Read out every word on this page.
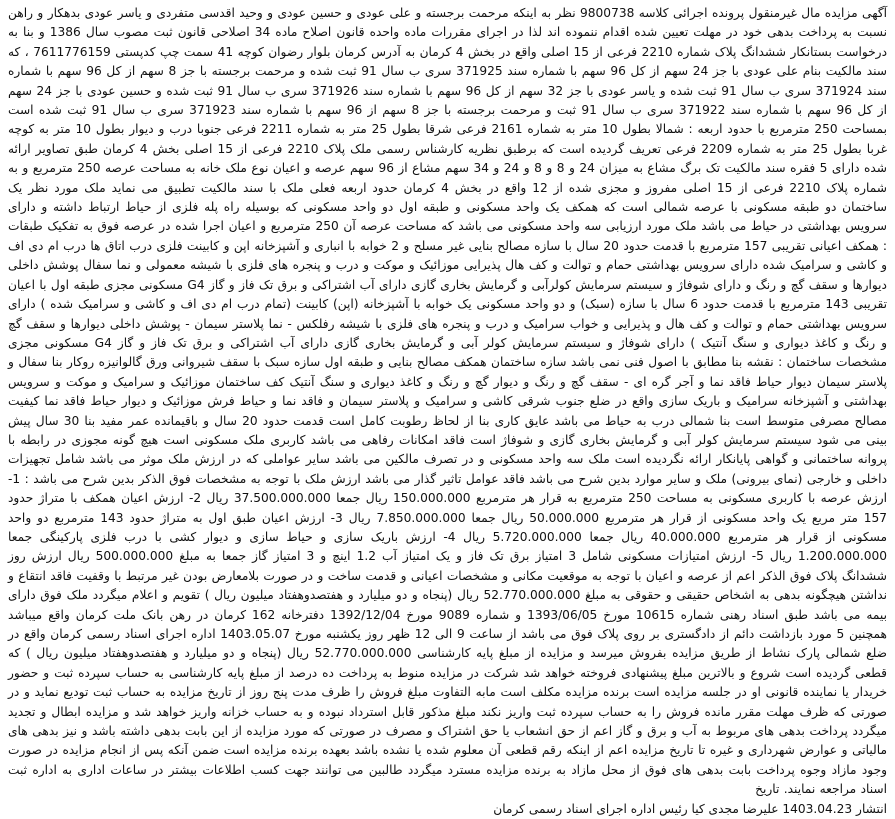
آگهی مزایده مال غیرمنقول پرونده اجرائی کلاسه 9800738 نظر به اینکه مرحمت برجسته و علی عودی و حسین عودی و وحید اقدسی متفردی و یاسر عودی بدهکار و راهن نسبت به پرداخت بدهی خود در مهلت تعیین شده اقدام ننموده اند لذا در اجرای مقررات ماده واحده قانون اصلاح ماده 34 اصلاحی قانون ثبت مصوب سال 1386 و بنا به درخواست بستانکار ششدانگ پلاک شماره 2210 فرعی از 15 اصلی واقع در بخش 4 کرمان به آدرس کرمان بلوار رضوان کوچه 41 سمت چپ کدپستی 7611776159 ، که سند مالکیت بنام علی عودی با جز 24 سهم از کل 96 سهم با شماره سند 371925 سری ب سال 91 ثبت شده و مرحمت برجسته با جز 8 سهم از کل 96 سهم با شماره سند 371924 سری ب سال 91 ثبت شده و یاسر عودی با جز 32 سهم از کل 96 سهم با شماره سند 371926 سری ب سال 91 ثبت شده و حسین عودی با جز 24 سهم از کل 96 سهم با شماره سند 371922 سری ب سال 91 ثبت و مرحمت برجسته با جز 8 سهم از 96 سهم با شماره سند 371923 سری ب سال 91 ثبت شده است بمساحت 250 مترمربع با حدود اربعه : شمالا بطول 10 متر به شماره 2161 فرعی شرقا بطول 25 متر به شماره 2211 فرعی جنوبا درب و دیوار بطول 10 متر به کوچه غربا بطول 25 متر به شماره 2209 فرعی تعریف گردیده است که برطبق نظریه کارشناس رسمی ملک پلاک 2210 فرعی از 15 اصلی بخش 4 کرمان طبق تصاویر ارائه شده دارای 5 فقره سند مالکیت تک برگ مشاع به میزان 24 و 8 و 8 و 24 و 34 سهم مشاع از 96 سهم عرصه و اعیان نوع ملک خانه به مساحت عرصه 250 مترمربع و به شماره پلاک 2210 فرعی از 15 اصلی مفروز و مجزی شده از 12 واقع در بخش 4 کرمان حدود اربعه فعلی ملک با سند مالکیت تطبیق می نماید ملک مورد نظر یک ساختمان دو طبقه مسکونی با عرصه شمالی است که همکف یک واحد مسکونی و طبقه اول دو واحد مسکونی که بوسیله راه پله فلزی از حیاط ارتباط داشته و دارای سرویس بهداشتی در حیاط می باشد ملک مورد ارزیابی سه واحد مسکونی می باشد که مساحت عرصه آن 250 مترمربع و اعیان اجرا شده در عرصه فوق به تفکیک طبقات : همکف اعیانی تقریبی 157 مترمربع با قدمت حدود 20 سال با سازه مصالح بنایی غیر مسلح و 2 خوابه با انباری و آشپزخانه اپن و کابینت فلزی درب اتاق ها درب ام دی اف و کاشی و سرامیک شده دارای سرویس بهداشتی حمام و توالت و کف هال پذیرایی موزائیک و موکت و درب و پنجره های فلزی با شیشه معمولی و نما سفال پوشش داخلی دیوارها و سقف گچ و رنگ و دارای شوفاژ و سیستم سرمایش کولرآبی و گرمایش بخاری گازی دارای آب اشتراکی و برق تک فاز و گاز G4 مسکونی مجزی طبقه اول با اعیان تقریبی 143 مترمربع با قدمت حدود 6 سال با سازه (سبک) و دو واحد مسکونی یک خوابه با آشپزخانه (اپن) کابینت (تمام درب ام دی اف و کاشی و سرامیک شده ) دارای سرویس بهداشتی حمام و توالت و کف هال و پذیرایی و خواب سرامیک و درب و پنجره های فلزی با شیشه رفلکس - نما پلاستر سیمان - پوشش داخلی دیوارها و سقف گچ و رنگ و کاغذ دیواری و سنگ آنتیک ) دارای شوفاژ و سیستم سرمایش کولر آبی و گرمایش بخاری گازی دارای آب اشتراکی و برق تک فاز و گاز G4 مسکونی مجزی مشخصات ساختمان : نقشه بنا مطابق با اصول فنی نمی باشد سازه ساختمان همکف مصالح بنایی و طبقه اول سازه سبک با سقف شیروانی ورق گالوانیزه روکار بنا سفال و پلاستر سیمان دیوار حیاط فاقد نما و آجر گره ای - سقف گچ و رنگ و دیوار گچ و رنگ و کاغذ دیواری و سنگ آنتیک کف ساختمان موزائیک و سرامیک و موکت و سرویس بهداشتی و آشپزخانه سرامیک و باریک سازی واقع در ضلع جنوب شرقی کاشی و سرامیک و پلاستر سیمان و فاقد نما و حیاط فرش موزائیک و دیوار حیاط فاقد نما کیفیت مصالح مصرفی متوسط است بنا شمالی درب به حیاط می باشد عایق کاری بنا از لحاظ رطوبت کامل است قدمت حدود 20 سال و باقیمانده عمر مفید بنا 30 سال پیش بینی می شود سیستم سرمایش کولر آبی و گرمایش بخاری گازی و شوفاژ است فاقد امکانات رفاهی می باشد کاربری ملک مسکونی است هیچ گونه مجوزی در رابطه با پروانه ساختمانی و گواهی پایانکار ارائه نگردیده است ملک سه واحد مسکونی و در تصرف مالکین می باشد سایر عواملی که در ارزش ملک موثر می باشد شامل تجهیزات داخلی و خارجی (نمای بیرونی) ملک و سایر موارد بدین شرح می باشد فاقد عوامل تاثیر گذار می باشد ارزش ملک با توجه به مشخصات فوق الذکر بدین شرح می باشد : 1- ارزش عرصه با کاربری مسکونی به مساحت 250 مترمربع به قرار هر مترمربع 150.000.000 ریال جمعا 37.500.000.000 ریال 2- ارزش اعیان همکف با متراژ حدود 157 متر مربع یک واحد مسکونی از قرار هر مترمربع 50.000.000 ریال جمعا 7.850.000.000 ریال 3- ارزش اعیان طبق اول به متراژ حدود 143 مترمربع دو واحد مسکونی از قرار هر مترمربع 40.000.000 ریال جمعا 5.720.000.000 ریال 4- ارزش باریک سازی و حیاط سازی و دیوار کشی با درب فلزی پارکینگی جمعا 1.200.000.000 ریال 5- ارزش امتیازات مسکونی شامل 3 امتیاز برق تک فاز و یک امتیاز آب 1.2 اینچ و 3 امتیاز گاز جمعا به مبلغ 500.000.000 ریال ارزش روز ششدانگ پلاک فوق الذکر اعم از عرصه و اعیان با توجه به موقعیت مکانی و مشخصات اعیانی و قدمت ساخت و در صورت بلامعارض بودن غیر مرتبط با وقفیت فاقد انتقاع و نداشتن هیچگونه بدهی به اشخاص حقیقی و حقوقی به مبلغ 52.770.000.000 ریال (پنجاه و دو میلیارد و هفتصدوهفتاد میلیون ریال ) تقویم و اعلام میگردد ملک فوق دارای بیمه می باشد طبق اسناد رهنی شماره 10615 مورخ 1393/06/05 و شماره 9089 مورخ 1392/12/04 دفترخانه 162 کرمان در رهن بانک ملت کرمان واقع میباشد همچنین 5 مورد بازداشت دائم از دادگستری بر روی پلاک فوق می باشد از ساعت 9 الی 12 ظهر روز یکشنبه مورخ 1403.05.07 اداره اجرای اسناد رسمی کرمان واقع در ضلع شمالی پارک نشاط از طریق مزایده بفروش میرسد و مزایده از مبلغ پایه کارشناسی 52.770.000.000 ریال (پنجاه و دو میلیارد و هفتصدوهفتاد میلیون ریال ) که قطعی گردیده است شروع و بالاترین مبلغ پیشنهادی فروخته خواهد شد شرکت در مزایده منوط به پرداخت ده درصد از مبلغ پایه کارشناسی به حساب سپرده ثبت و حضور خریدار یا نماینده قانونی او در جلسه مزایده است برنده مزایده مکلف است مابه التفاوت مبلغ فروش را ظرف مدت پنج روز از تاریخ مزایده به حساب ثبت تودیع نماید و در صورتی که ظرف مهلت مقرر مانده فروش را به حساب سپرده ثبت واریز نکند مبلغ مذکور قابل استرداد نبوده و به حساب خزانه واریز خواهد شد و مزایده ابطال و تجدید میگردد پرداخت بدهی های مربوط به آب و برق و گاز اعم از حق انشعاب یا حق اشتراک و مصرف در صورتی که مورد مزایده از این بابت بدهی داشته باشد و نیز بدهی های مالیاتی و عوارض شهرداری و غیره تا تاریخ مزایده اعم از اینکه رقم قطعی آن معلوم شده یا نشده باشد بعهده برنده مزایده است ضمن آنکه پس از انجام مزایده در صورت وجود مازاد وجوه پرداخت بابت بدهی های فوق از محل مازاد به برنده مزایده مسترد میگردد طالبین می توانند جهت کسب اطلاعات بیشتر در ساعات اداری به اداره ثبت اسناد مراجعه نمایند. تاریخ

انتشار 1403.04.23 علیرضا مجدی کیا رئیس اداره اجرای اسناد رسمی کرمان
